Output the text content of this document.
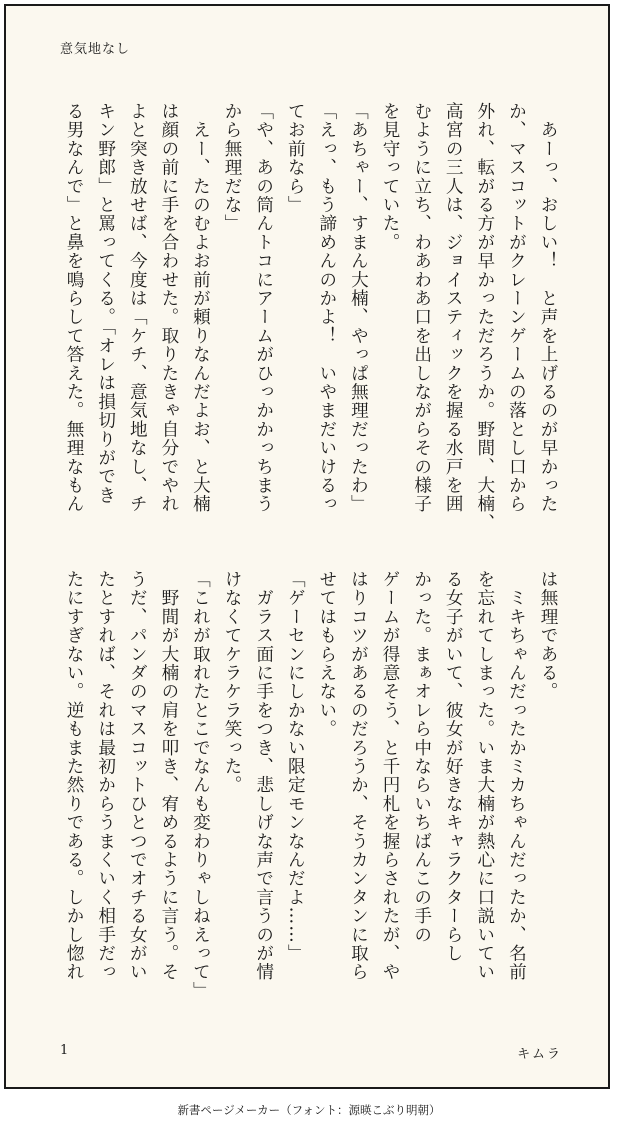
意気地なし
　あーっ、おしい！　と声を上げるのが早かった
か、マスコットがクレーンゲームの落とし口から
外れ、転がる方が早かっただろうか。野間、大楠、
高宮の三人は、ジョイスティックを握る水戸を囲
むように立ち、わあわあ口を出しながらその様子
を見守っていた。
「あちゃー、すまん大楠、やっぱ無理だったわ」
「えっ、もう諦めんのかよ！　いやまだいけるっ
てお前なら」
「や、あの筒んトコにアームがひっかかっちまう
から無理だな」
　えー、たのむよお前が頼りなんだよお、と大楠
は顔の前に手を合わせた。取りたきゃ自分でやれ
よと突き放せば、今度は「ケチ、意気地なし、チ
キン野郎」と罵ってくる。「オレは損切りができ
る男なんで」と鼻を鳴らして答えた。無理なもん
は無理である。
　ミキちゃんだったかミカちゃんだったか、名前
を忘れてしまった。いま大楠が熱心に口説いてい
る女子がいて、彼女が好きなキャラクターらし
かった。まぁオレら中ならいちばんこの手の
ゲームが得意そう、と千円札を握らされたが、や
はりコツがあるのだろうか、そうカンタンに取ら
せてはもらえない。
「ゲーセンにしかない限定モンなんだよ……」
　ガラス面に手をつき、悲しげな声で言うのが情
けなくてケラケラ笑った。
「これが取れたとこでなんも変わりゃしねえって」
　野間が大楠の肩を叩き、宥めるように言う。そ
うだ、パンダのマスコットひとつでオチる女がい
たとすれば、それは最初からうまくいく相手だっ
たにすぎない。逆もまた然りである。しかし惚れ
1	キムラ
新書ページメーカー（フォント：源暎こぶり明朝）
